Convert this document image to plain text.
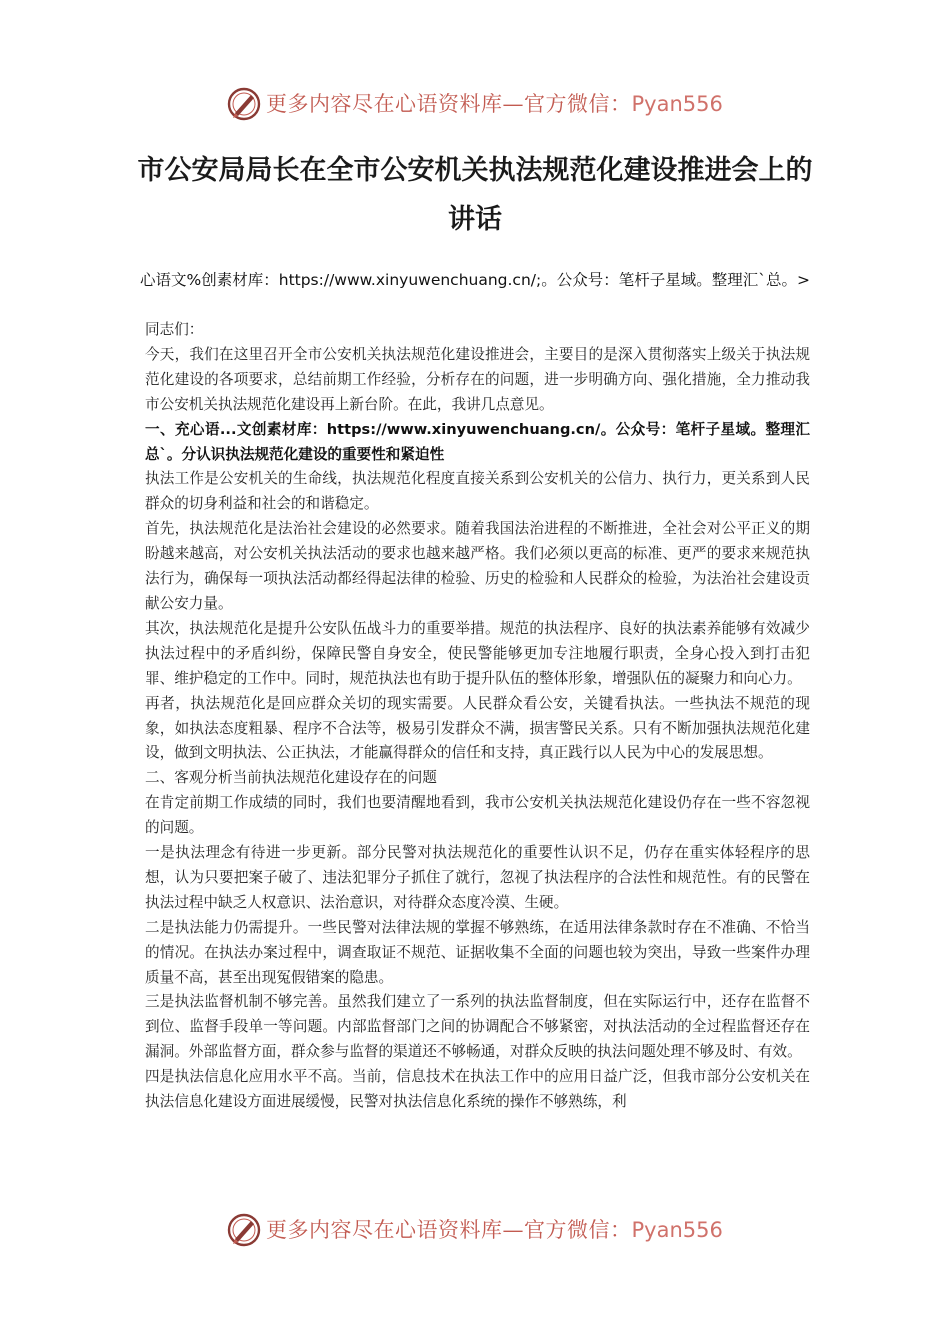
更多内容尽在心语资料库—官方微信：Pyan556
市公安局局长在全市公安机关执法规范化建设推进会上的讲话
心语文%创素材库：https://www.xinyuwenchuang.cn/;。公众号：笔杆子星域。整理汇`总。>

同志们：

今天，我们在这里召开全市公安机关执法规范化建设推进会，主要目的是深入贯彻落实上级关于执法规范化建设的各项要求，总结前期工作经验，分析存在的问题，进一步明确方向、强化措施，全力推动我市公安机关执法规范化建设再上新台阶。在此，我讲几点意见。

一、充心语...文创素材库：https://www.xinyuwenchuang.cn/。公众号：笔杆子星域。整理汇总`。分认识执法规范化建设的重要性和紧迫性

执法工作是公安机关的生命线，执法规范化程度直接关系到公安机关的公信力、执行力，更关系到人民群众的切身利益和社会的和谐稳定。

首先，执法规范化是法治社会建设的必然要求。随着我国法治进程的不断推进，全社会对公平正义的期盼越来越高，对公安机关执法活动的要求也越来越严格。我们必须以更高的标准、更严的要求来规范执法行为，确保每一项执法活动都经得起法律的检验、历史的检验和人民群众的检验，为法治社会建设贡献公安力量。

其次，执法规范化是提升公安队伍战斗力的重要举措。规范的执法程序、良好的执法素养能够有效减少执法过程中的矛盾纠纷，保障民警自身安全，使民警能够更加专注地履行职责，全身心投入到打击犯罪、维护稳定的工作中。同时，规范执法也有助于提升队伍的整体形象，增强队伍的凝聚力和向心力。

再者，执法规范化是回应群众关切的现实需要。人民群众看公安，关键看执法。一些执法不规范的现象，如执法态度粗暴、程序不合法等，极易引发群众不满，损害警民关系。只有不断加强执法规范化建设，做到文明执法、公正执法，才能赢得群众的信任和支持，真正践行以人民为中心的发展思想。

二、客观分析当前执法规范化建设存在的问题

在肯定前期工作成绩的同时，我们也要清醒地看到，我市公安机关执法规范化建设仍存在一些不容忽视的问题。

一是执法理念有待进一步更新。部分民警对执法规范化的重要性认识不足，仍存在重实体轻程序的思想，认为只要把案子破了、违法犯罪分子抓住了就行，忽视了执法程序的合法性和规范性。有的民警在执法过程中缺乏人权意识、法治意识，对待群众态度冷漠、生硬。

二是执法能力仍需提升。一些民警对法律法规的掌握不够熟练，在适用法律条款时存在不准确、不恰当的情况。在执法办案过程中，调查取证不规范、证据收集不全面的问题也较为突出，导致一些案件办理质量不高，甚至出现冤假错案的隐患。

三是执法监督机制不够完善。虽然我们建立了一系列的执法监督制度，但在实际运行中，还存在监督不到位、监督手段单一等问题。内部监督部门之间的协调配合不够紧密，对执法活动的全过程监督还存在漏洞。外部监督方面，群众参与监督的渠道还不够畅通，对群众反映的执法问题处理不够及时、有效。

四是执法信息化应用水平不高。当前，信息技术在执法工作中的应用日益广泛，但我市部分公安机关在执法信息化建设方面进展缓慢，民警对执法信息化系统的操作不够熟练，利

更多内容尽在心语资料库—官方微信：Pyan556
